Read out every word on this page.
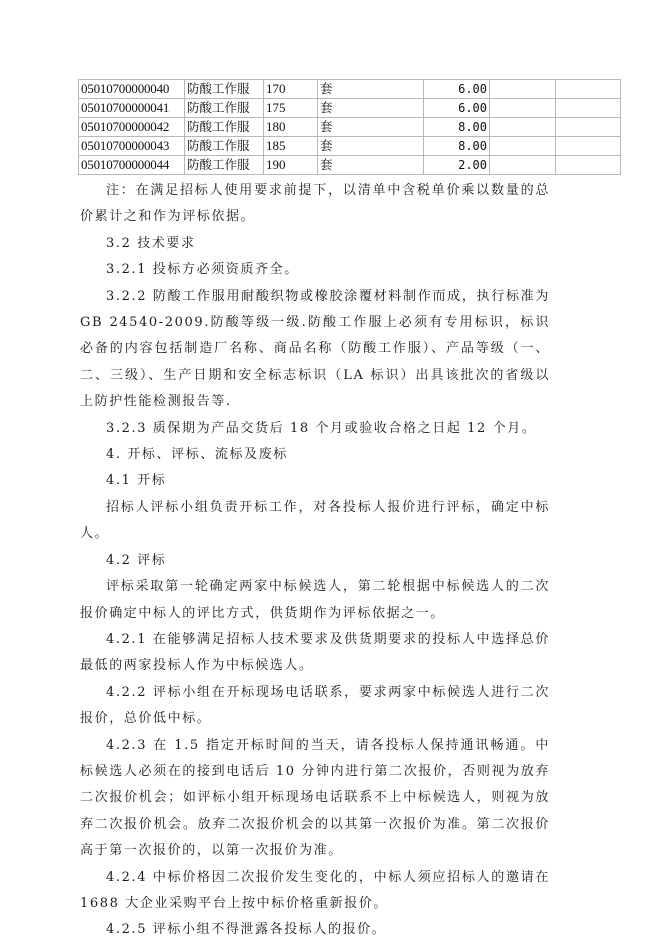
05010700000040	防酸工作服	170	套	6.00		
05010700000041	防酸工作服	175	套	6.00		
05010700000042	防酸工作服	180	套	8.00		
05010700000043	防酸工作服	185	套	8.00		
05010700000044	防酸工作服	190	套	2.00		

注：在满足招标人使用要求前提下，以清单中含税单价乘以数量的总价累计之和作为评标依据。

3.2 技术要求

3.2.1 投标方必须资质齐全。

3.2.2 防酸工作服用耐酸织物或橡胶涂覆材料制作而成，执行标准为 GB 24540-2009.防酸等级一级.防酸工作服上必须有专用标识，标识必备的内容包括制造厂名称、商品名称（防酸工作服）、产品等级（一、二、三级）、生产日期和安全标志标识（LA 标识）出具该批次的省级以上防护性能检测报告等.

3.2.3 质保期为产品交货后 18 个月或验收合格之日起 12 个月。

4. 开标、评标、流标及废标

4.1 开标

招标人评标小组负责开标工作，对各投标人报价进行评标，确定中标人。

4.2 评标

评标采取第一轮确定两家中标候选人，第二轮根据中标候选人的二次报价确定中标人的评比方式，供货期作为评标依据之一。

4.2.1 在能够满足招标人技术要求及供货期要求的投标人中选择总价最低的两家投标人作为中标候选人。

4.2.2 评标小组在开标现场电话联系，要求两家中标候选人进行二次报价，总价低中标。

4.2.3 在 1.5 指定开标时间的当天，请各投标人保持通讯畅通。中标候选人必须在的接到电话后 10 分钟内进行第二次报价，否则视为放弃二次报价机会；如评标小组开标现场电话联系不上中标候选人，则视为放弃二次报价机会。放弃二次报价机会的以其第一次报价为准。第二次报价高于第一次报价的，以第一次报价为准。

4.2.4 中标价格因二次报价发生变化的，中标人须应招标人的邀请在 1688 大企业采购平台上按中标价格重新报价。

4.2.5 评标小组不得泄露各投标人的报价。
